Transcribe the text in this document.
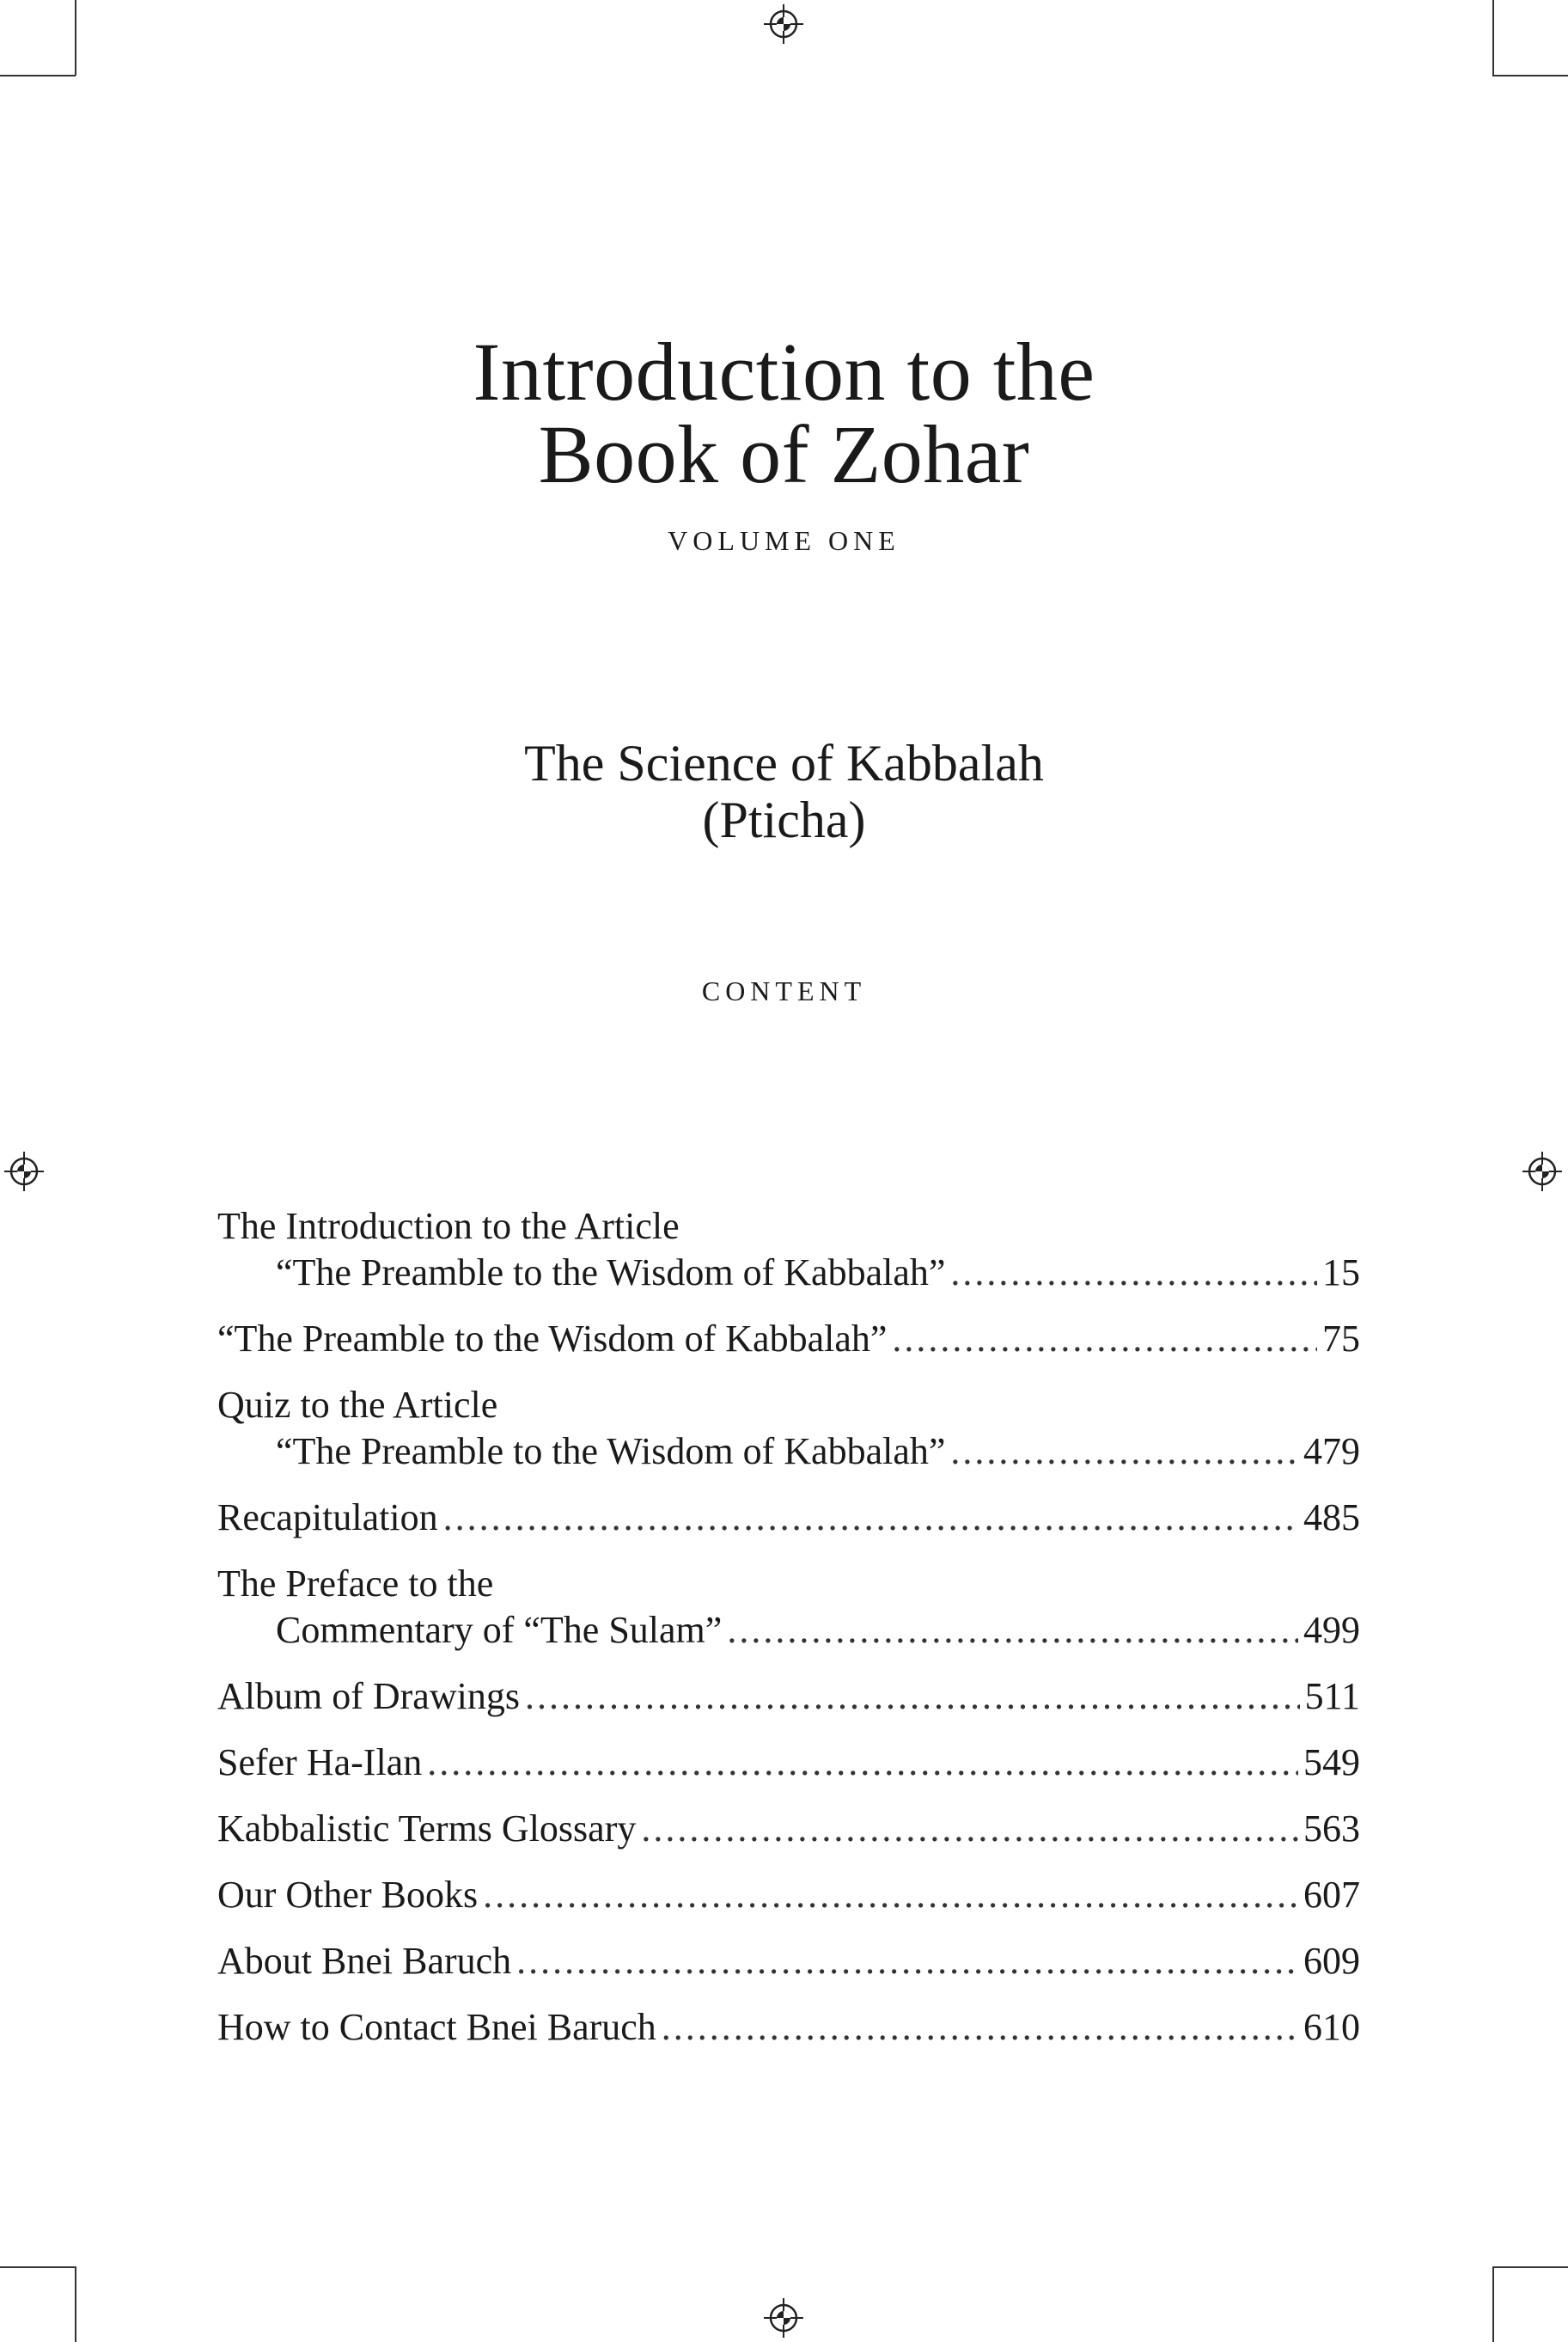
Introduction to the
Book of Zohar
VOLUME ONE
The Science of Kabbalah
(Pticha)
CONTENT
The Introduction to the Article
“The Preamble to the Wisdom of Kabbalah” .....	15
“The Preamble to the Wisdom of Kabbalah” .....	75
Quiz to the Article
“The Preamble to the Wisdom of Kabbalah” .....	479
Recapitulation .....	485
The Preface to the
Commentary of “The Sulam” .....	499
Album of Drawings .....	511
Sefer Ha-Ilan .....	549
Kabbalistic Terms Glossary .....	563
Our Other Books .....	607
About Bnei Baruch .....	609
How to Contact Bnei Baruch .....	610
